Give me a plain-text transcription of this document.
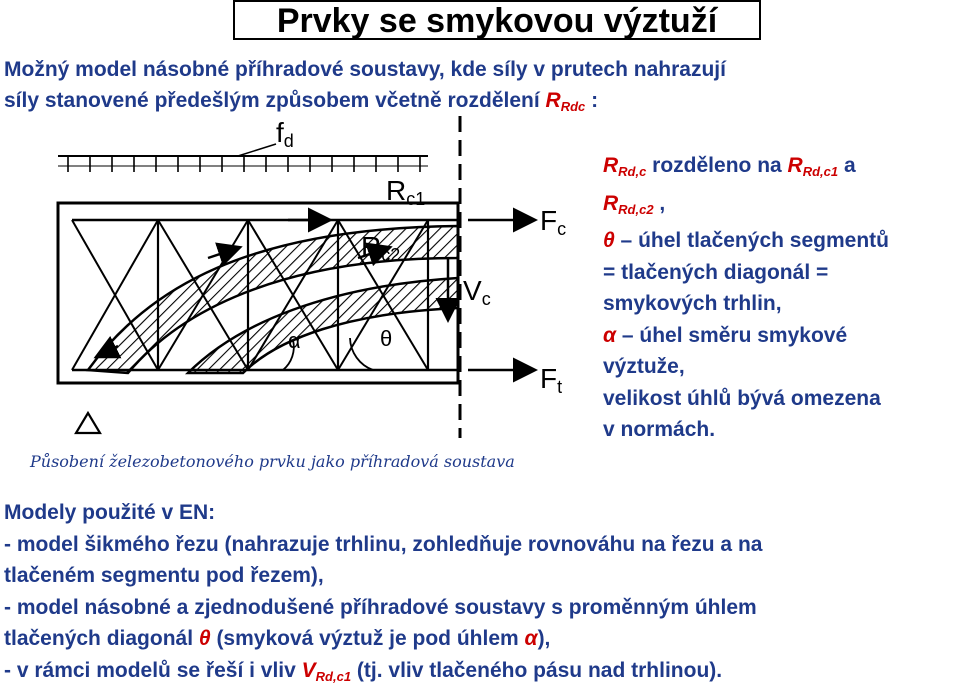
Prvky se smykovou výztuží
Možný model násobné příhradové soustavy, kde síly v prutech nahrazují
síly stanovené předešlým způsobem včetně rozdělení $R_{Rdc}$ :
fd
Rc1
Rc2
Fc
Vc
Ft
α	θ
Působení železobetonového prvku jako příhradová soustava
$R_{Rd,c}$ rozděleno na $R_{Rd,c1}$ a
$R_{Rd,c2}$ ,
θ – úhel tlačených segmentů
= tlačených diagonál =
smykových trhlin,
α – úhel směru smykové
výztuže,
velikost úhlů bývá omezena
v normách.
Modely použité v EN:
- model šikmého řezu (nahrazuje trhlinu, zohledňuje rovnováhu na řezu a na
tlačeném segmentu pod řezem),
- model násobné a zjednodušené příhradové soustavy s proměnným úhlem
tlačených diagonál θ (smyková výztuž je pod úhlem α),
- v rámci modelů se řeší i vliv $V_{Rd,c1}$ (tj. vliv tlačeného pásu nad trhlinou).
